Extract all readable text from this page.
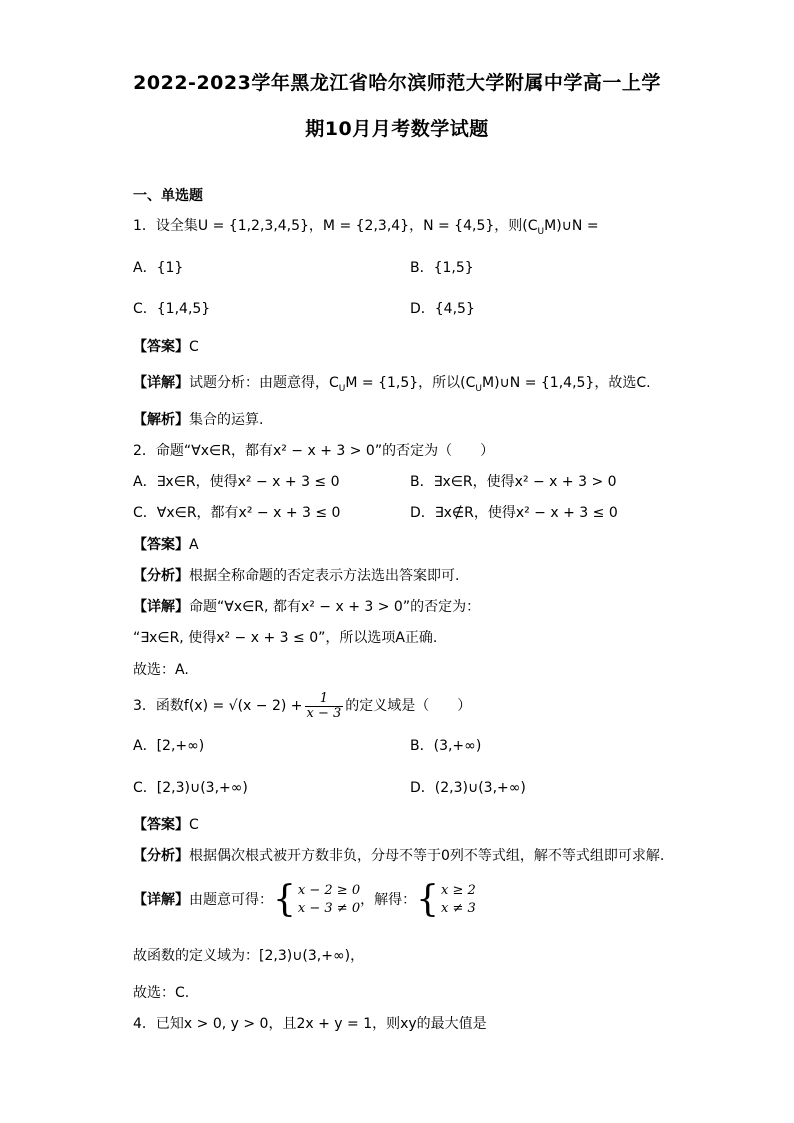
2022-2023学年黑龙江省哈尔滨师范大学附属中学高一上学
期10月月考数学试题
一、单选题
1．设全集U = {1,2,3,4,5}，M = {2,3,4}，N = {4,5}，则$(C_UM)\cup N$ =
A．{1}	B．{1,5}
C．{1,4,5}	D．{4,5}
【答案】C
【详解】试题分析：由题意得，$C_UM = \{1,5\}$，所以$(C_UM)\cup N = \{1,4,5\}$，故选C.
【解析】集合的运算.
2．命题“∀x∈R，都有x² − x + 3 > 0”的否定为（　　）
A．∃x∈R，使得x² − x + 3 ≤ 0	B．∃x∈R，使得x² − x + 3 > 0
C．∀x∈R，都有x² − x + 3 ≤ 0	D．∃x∉R，使得x² − x + 3 ≤ 0
【答案】A
【分析】根据全称命题的否定表示方法选出答案即可.
【详解】命题“∀x∈R, 都有x² − x + 3 > 0”的否定为：
“∃x∈R, 使得x² − x + 3 ≤ 0”，所以选项A正确.
故选：A.
3．函数$f(x) = √(x - 2) + \frac{1}{x - 3}$ 的定义域是（　　）
A．[2,+∞)	B．(3,+∞)
C．[2,3)∪(3,+∞)	D．(2,3)∪(3,+∞)
【答案】C
【分析】根据偶次根式被开方数非负，分母不等于0列不等式组，解不等式组即可求解.
【详解】由题意可得：{ x − 2 ≥ 0
x − 3 ≠ 0
，解得：{ x ≥ 2
x ≠ 3
故函数的定义域为：[2,3)∪(3,+∞)，
故选：C.
4．已知x > 0, y > 0，且2x + y = 1，则xy的最大值是
